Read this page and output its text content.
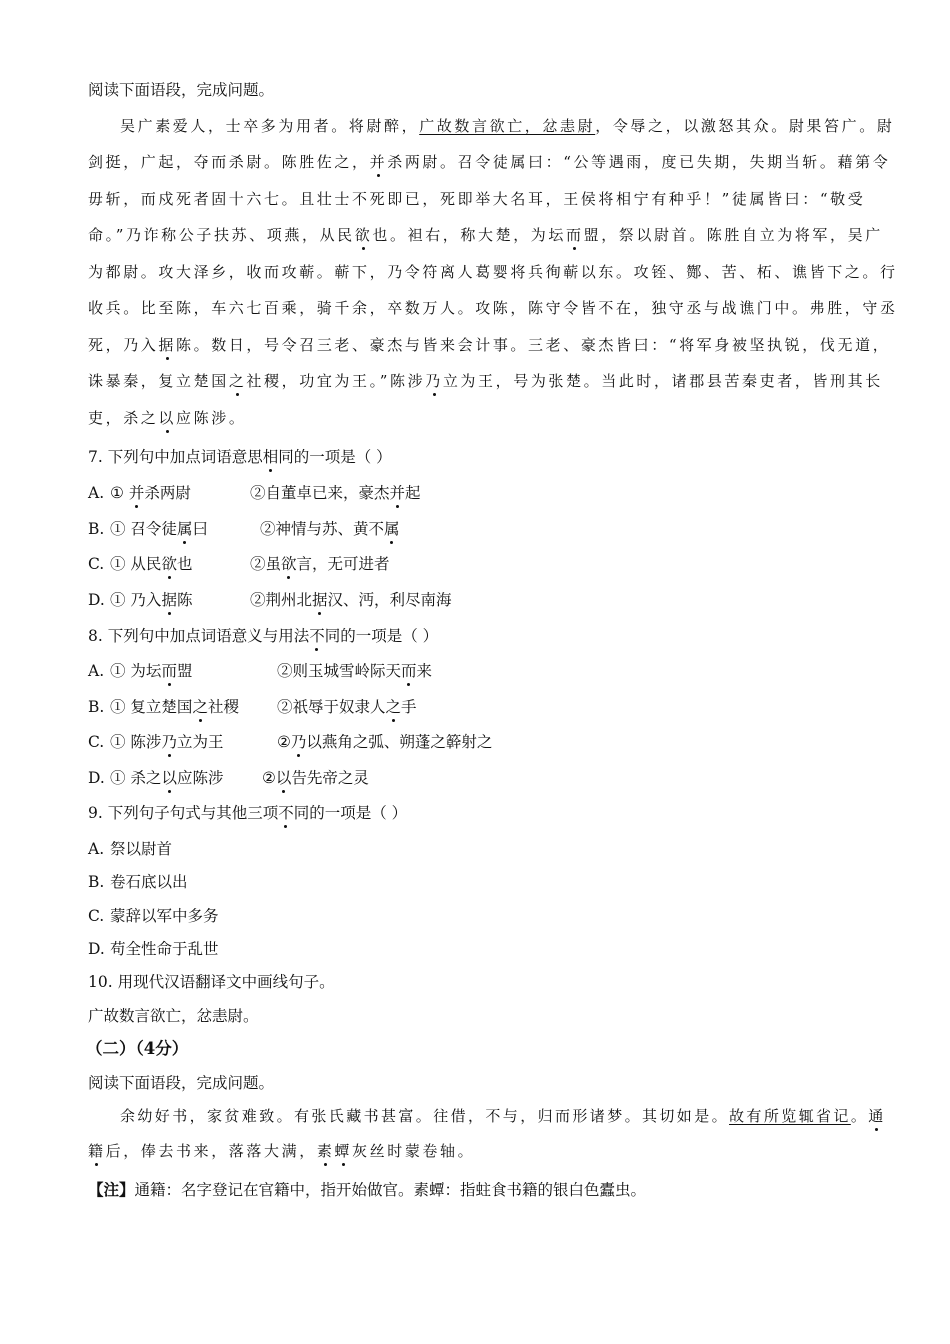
阅读下面语段，完成问题。
吴广素爱人，士卒多为用者。将尉醉，广故数言欲亡，忿恚尉，令辱之，以激怒其众。尉果笞广。尉
剑挺，广起，夺而杀尉。陈胜佐之，并杀两尉。召令徒属曰：“公等遇雨，度已失期，失期当斩。藉第令
毋斩，而戍死者固十六七。且壮士不死即已，死即举大名耳，王侯将相宁有种乎！”徒属皆曰：“敬受
命。”乃诈称公子扶苏、项燕，从民欲也。袒右，称大楚，为坛而盟，祭以尉首。陈胜自立为将军，吴广
为都尉。攻大泽乡，收而攻蕲。蕲下，乃令符离人葛婴将兵徇蕲以东。攻铚、酂、苦、柘、谯皆下之。行
收兵。比至陈，车六七百乘，骑千余，卒数万人。攻陈，陈守令皆不在，独守丞与战谯门中。弗胜，守丞
死，乃入据陈。数日，号令召三老、豪杰与皆来会计事。三老、豪杰皆曰：“将军身被坚执锐，伐无道，
诛暴秦，复立楚国之社稷，功宜为王。”陈涉乃立为王，号为张楚。当此时，诸郡县苦秦吏者，皆刑其长
吏，杀之以应陈涉。
7. 下列句中加点词语意思相同的一项是（ ）
A. ① 并杀两尉	②自董卓已来，豪杰并起
B. ① 召令徒属曰	②神情与苏、黄不属
C. ① 从民欲也	②虽欲言，无可进者
D. ① 乃入据陈	②荆州北据汉、沔，利尽南海
8. 下列句中加点词语意义与用法不同的一项是（ ）
A. ① 为坛而盟	②则玉城雪岭际天而来
B. ① 复立楚国之社稷 ②祇辱于奴隶人之手
C. ① 陈涉乃立为王	②乃以燕角之弧、朔蓬之簳射之
D. ① 杀之以应陈涉 ②以告先帝之灵
9. 下列句子句式与其他三项不同的一项是（ ）
A. 祭以尉首
B. 卷石底以出
C. 蒙辞以军中多务
D. 苟全性命于乱世
10. 用现代汉语翻译文中画线句子。
广故数言欲亡，忿恚尉。
（二）（4分）
阅读下面语段，完成问题。
余幼好书，家贫难致。有张氏藏书甚富。往借，不与，归而形诸梦。其切如是。故有所览辄省记。通
籍后，俸去书来，落落大满，素蟫灰丝时蒙卷轴。
【注】通籍：名字登记在官籍中，指开始做官。素蟫：指蛀食书籍的银白色蠹虫。
